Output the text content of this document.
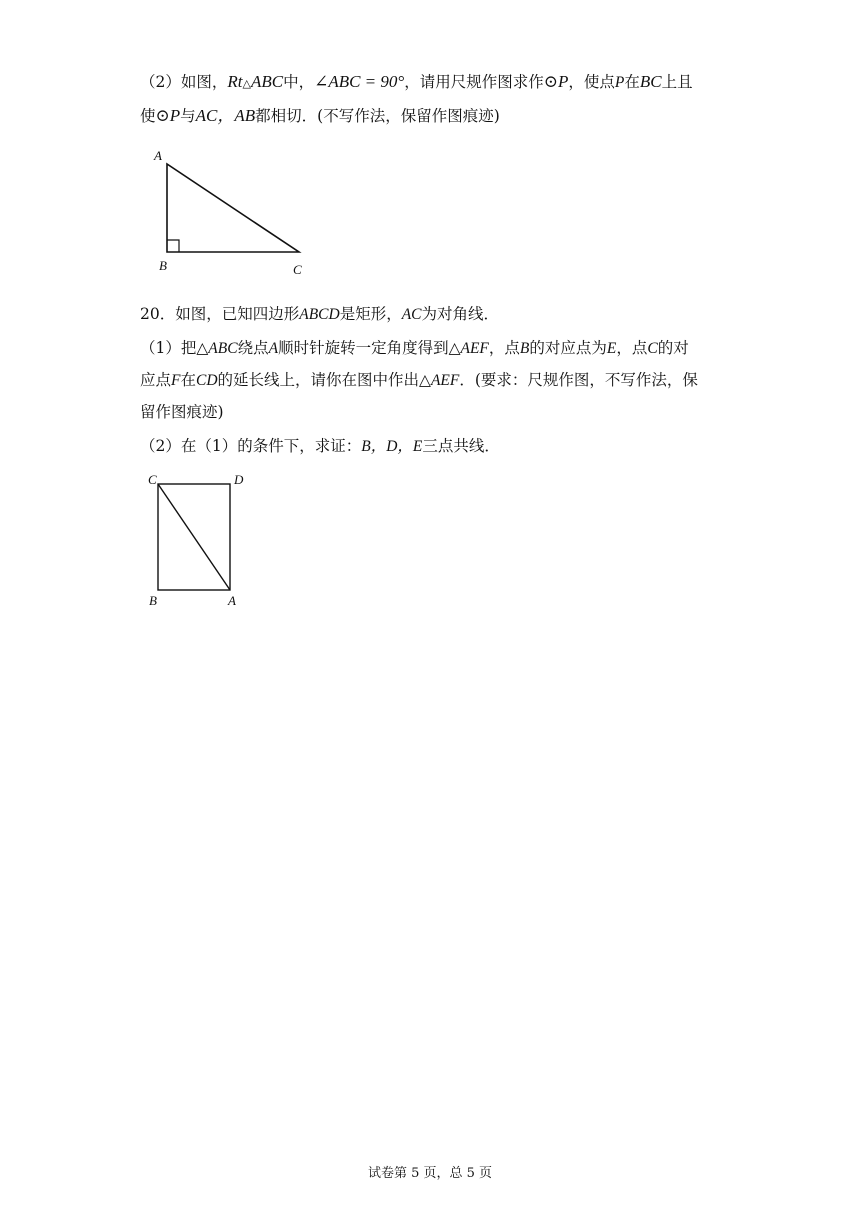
（2）如图，Rt△ABC中，∠ABC = 90°，请用尺规作图求作⊙P，使点P在BC上且
使⊙P与AC，AB都相切．(不写作法，保留作图痕迹)
A
B	C
20．如图，已知四边形ABCD是矩形，AC为对角线．
（1）把△ABC绕点A顺时针旋转一定角度得到△AEF，点B的对应点为E，点C的对
应点F在CD的延长线上，请你在图中作出△AEF．(要求：尺规作图，不写作法，保
留作图痕迹)
（2）在（1）的条件下，求证：B，D，E三点共线．
C	D
B	A
试卷第 5 页，总 5 页
